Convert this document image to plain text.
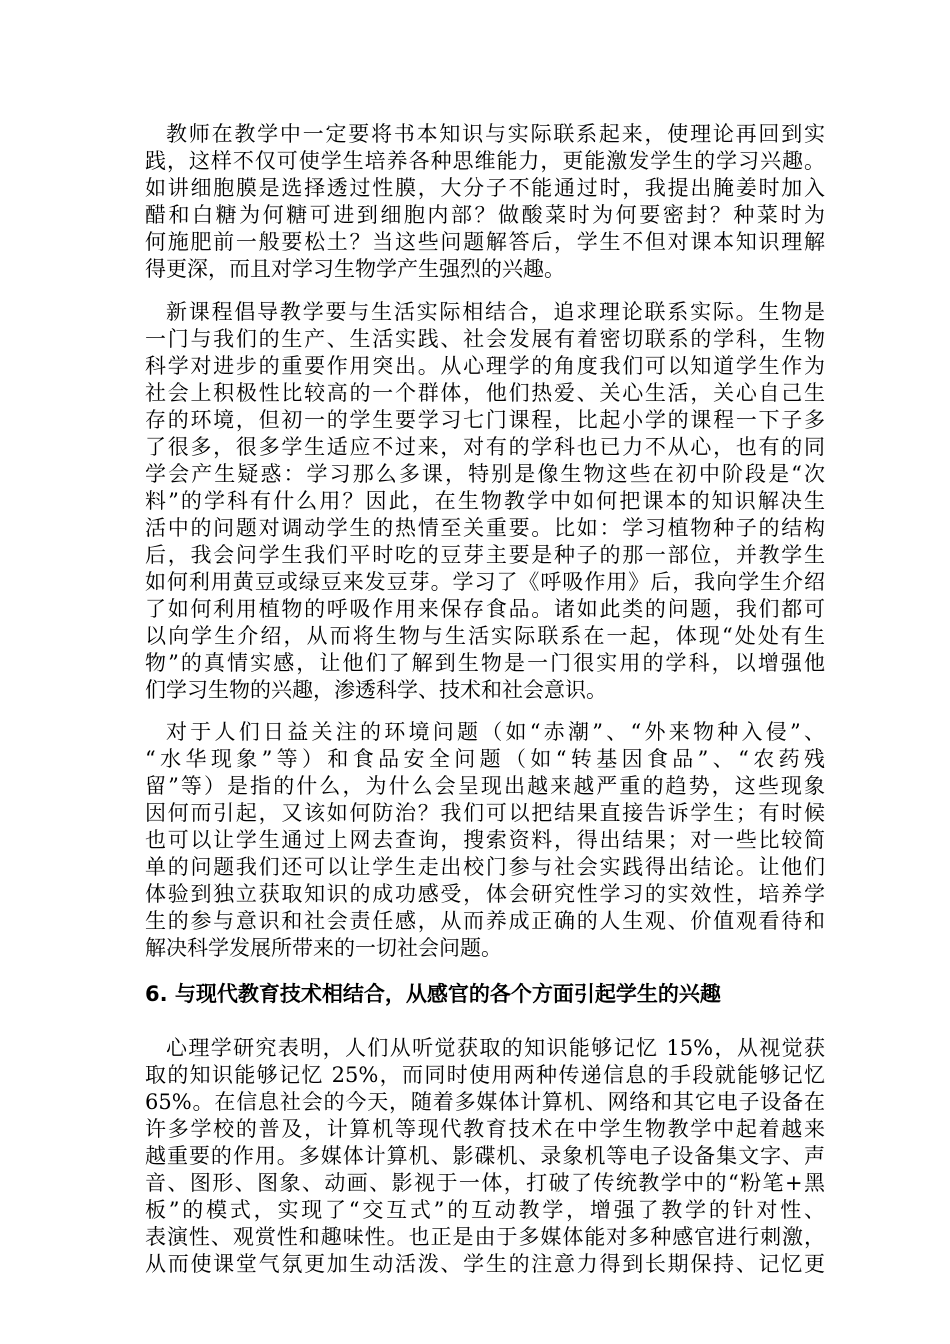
教师在教学中一定要将书本知识与实际联系起来，使理论再回到实
践，这样不仅可使学生培养各种思维能力，更能激发学生的学习兴趣。
如讲细胞膜是选择透过性膜，大分子不能通过时，我提出腌姜时加入
醋和白糖为何糖可进到细胞内部？做酸菜时为何要密封？种菜时为
何施肥前一般要松土？当这些问题解答后，学生不但对课本知识理解
得更深，而且对学习生物学产生强烈的兴趣。
新课程倡导教学要与生活实际相结合，追求理论联系实际。生物是
一门与我们的生产、生活实践、社会发展有着密切联系的学科，生物
科学对进步的重要作用突出。从心理学的角度我们可以知道学生作为
社会上积极性比较高的一个群体，他们热爱、关心生活，关心自己生
存的环境，但初一的学生要学习七门课程，比起小学的课程一下子多
了很多，很多学生适应不过来，对有的学科也已力不从心，也有的同
学会产生疑惑：学习那么多课，特别是像生物这些在初中阶段是“次
料”的学科有什么用？因此，在生物教学中如何把课本的知识解决生
活中的问题对调动学生的热情至关重要。比如：学习植物种子的结构
后，我会问学生我们平时吃的豆芽主要是种子的那一部位，并教学生
如何利用黄豆或绿豆来发豆芽。学习了《呼吸作用》后，我向学生介绍
了如何利用植物的呼吸作用来保存食品。诸如此类的问题，我们都可
以向学生介绍，从而将生物与生活实际联系在一起，体现“处处有生
物”的真情实感，让他们了解到生物是一门很实用的学科，以增强他
们学习生物的兴趣，渗透科学、技术和社会意识。
对于人们日益关注的环境问题（如“赤潮”、“外来物种入侵”、
“水华现象”等）和食品安全问题（如“转基因食品”、“农药残
留”等）是指的什么，为什么会呈现出越来越严重的趋势，这些现象
因何而引起，又该如何防治？我们可以把结果直接告诉学生；有时候
也可以让学生通过上网去查询，搜索资料，得出结果；对一些比较简
单的问题我们还可以让学生走出校门参与社会实践得出结论。让他们
体验到独立获取知识的成功感受，体会研究性学习的实效性，培养学
生的参与意识和社会责任感，从而养成正确的人生观、价值观看待和
解决科学发展所带来的一切社会问题。
6. 与现代教育技术相结合，从感官的各个方面引起学生的兴趣
心理学研究表明，人们从听觉获取的知识能够记忆 15%，从视觉获
取的知识能够记忆 25%，而同时使用两种传递信息的手段就能够记忆
65%。在信息社会的今天，随着多媒体计算机、网络和其它电子设备在
许多学校的普及，计算机等现代教育技术在中学生物教学中起着越来
越重要的作用。多媒体计算机、影碟机、录象机等电子设备集文字、声
音、图形、图象、动画、影视于一体，打破了传统教学中的“粉笔+黑
板”的模式，实现了“交互式”的互动教学，增强了教学的针对性、
表演性、观赏性和趣味性。也正是由于多媒体能对多种感官进行刺激，
从而使课堂气氛更加生动活泼、学生的注意力得到长期保持、记忆更
